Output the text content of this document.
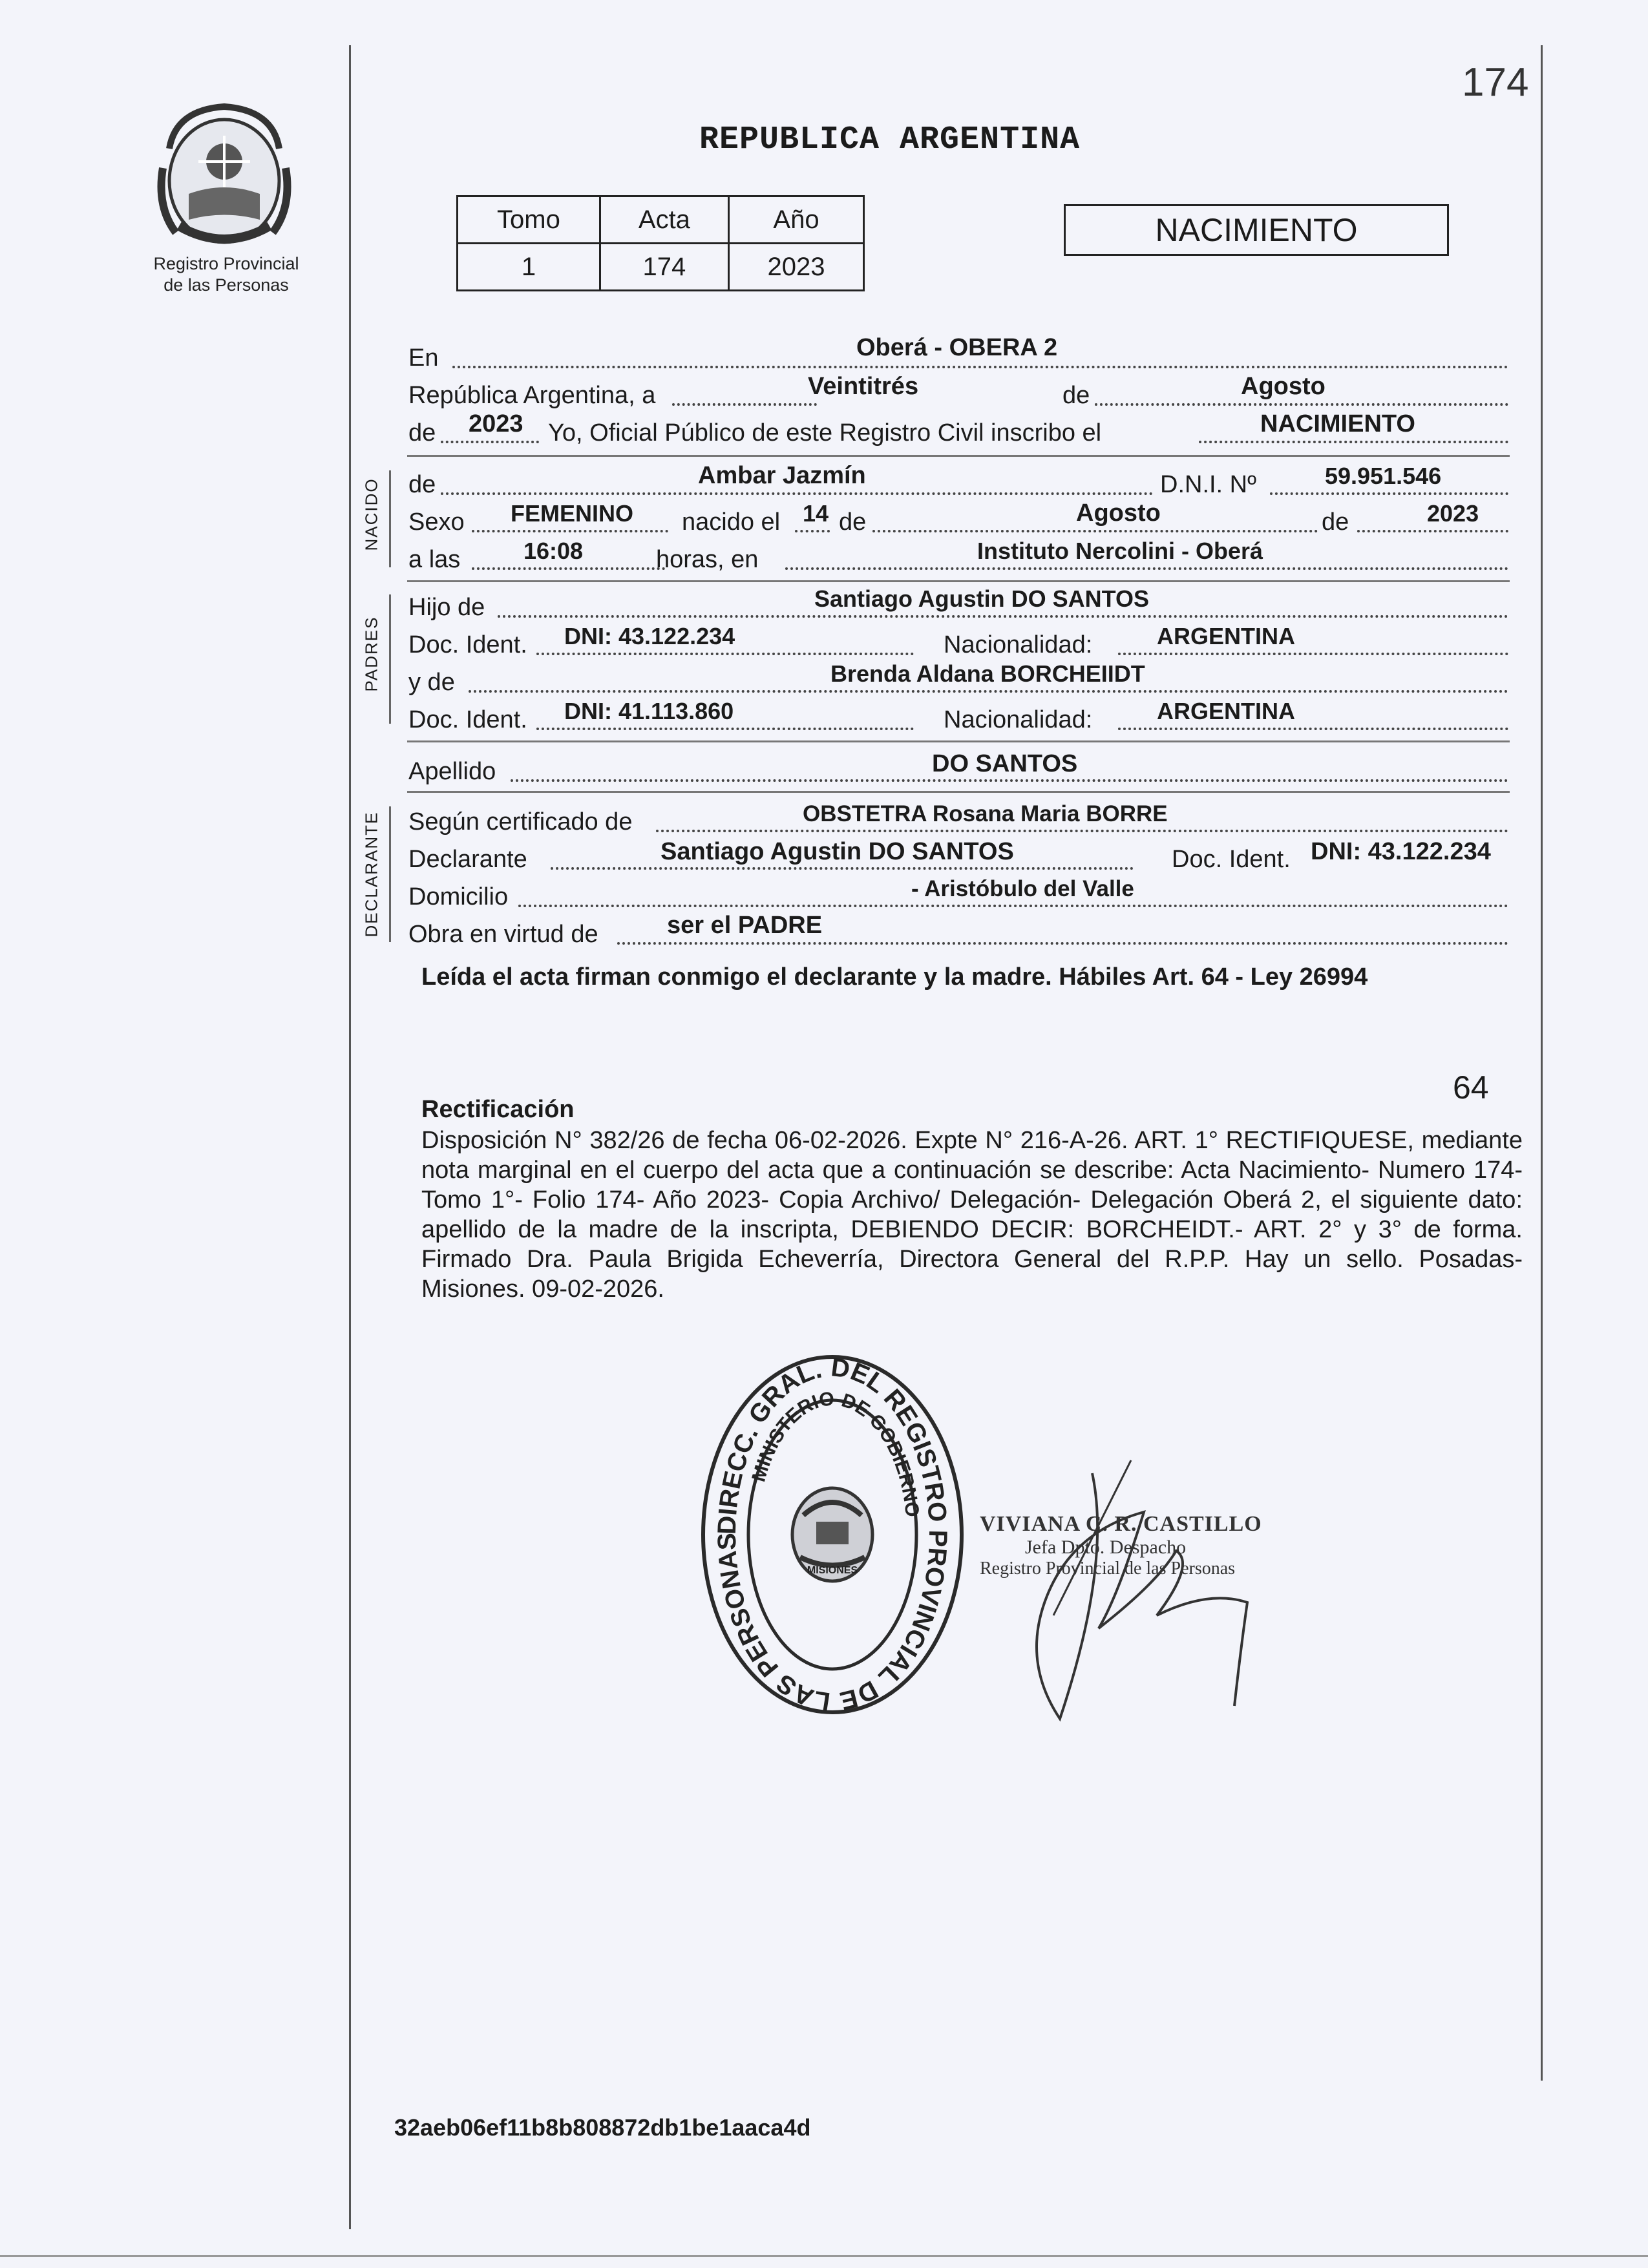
Registro Provincial
de las Personas
174
REPUBLICA ARGENTINA
Tomo	Acta	Año
1	174	2023
NACIMIENTO
En	Oberá - OBERA 2
República Argentina, a	Veintitrés	de	Agosto
de 2023 Yo, Oficial Público de este Registro Civil inscribo el	NACIMIENTO
NACIDO de	Ambar Jazmín	D.N.I. Nº	59.951.546
Sexo FEMENINO nacido el 14 de	Agosto	de	2023
a las	16:08	horas, en	Instituto Nercolini - Oberá
PADRES
Hijo de	Santiago Agustin DO SANTOS
Doc. Ident. DNI: 43.122.234	Nacionalidad:	ARGENTINA
y de	Brenda Aldana BORCHEIIDT
Doc. Ident. DNI: 41.113.860	Nacionalidad:	ARGENTINA
Apellido	DO SANTOS
DECLARANTE Según certificado de	OBSTETRA Rosana Maria BORRE
Declarante	Santiago Agustin DO SANTOS	Doc. Ident. DNI: 43.122.234
Domicilio	- Aristóbulo del Valle
Obra en virtud de	ser el PADRE
Leída el acta firman conmigo el declarante y la madre. Hábiles Art. 64 - Ley 26994
64
Rectificación
Disposición N° 382/26 de fecha 06-02-2026. Expte N° 216-A-26. ART. 1° RECTIFIQUESE, mediante nota marginal en el cuerpo del acta que a continuación se describe: Acta Nacimiento- Numero 174- Tomo 1°- Folio 174- Año 2023- Copia Archivo/ Delegación- Delegación Oberá 2, el siguiente dato: apellido de la madre de la inscripta, DEBIENDO DECIR: BORCHEIDT.- ART. 2° y 3° de forma. Firmado Dra. Paula Brigida Echeverría, Directora General del R.P.P. Hay un sello. Posadas- Misiones. 09-02-2026.
DIRECC. GRAL. DEL REGISTRO PROVINCIAL DE LAS PERSONAS
MINISTERIO DE GOBIERNO
MISIONES
VIVIANA C. R. CASTILLO
Jefa Dpto. Despacho
Registro Provincial de las Personas
32aeb06ef11b8b808872db1be1aaca4d
